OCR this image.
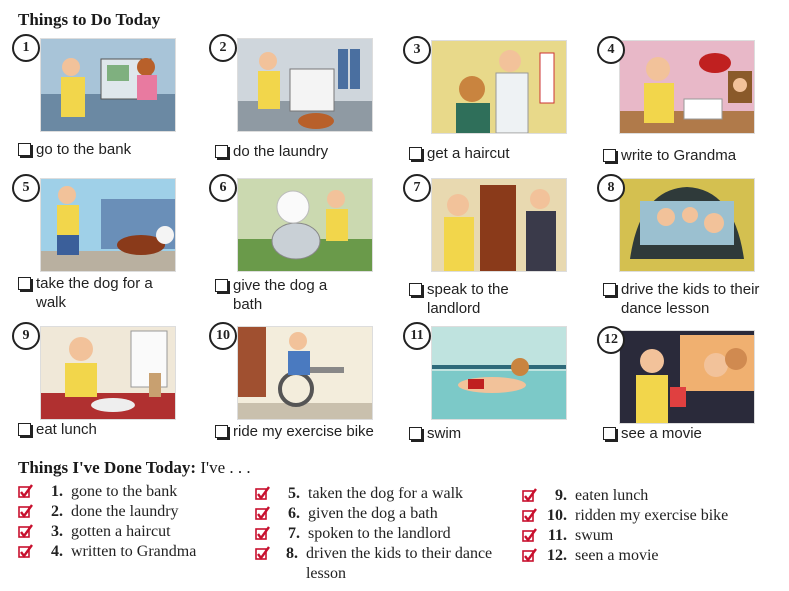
Things to Do Today
1
go to the bank
2
do the laundry
3
get a haircut
4
write to Grandma
5
take the dog for a walk
6
give the dog a bath
7
speak to the landlord
8
drive the kids to their dance lesson
9
eat lunch
10
ride my exercise bike
11
swim
12
see a movie
Things I've Done Today: I've . . .
1. gone to the bank
2. done the laundry
3. gotten a haircut
4. written to Grandma
5. taken the dog for a walk
6. given the dog a bath
7. spoken to the landlord
8. driven the kids to their dance lesson
9. eaten lunch
10. ridden my exercise bike
11. swum
12. seen a movie
